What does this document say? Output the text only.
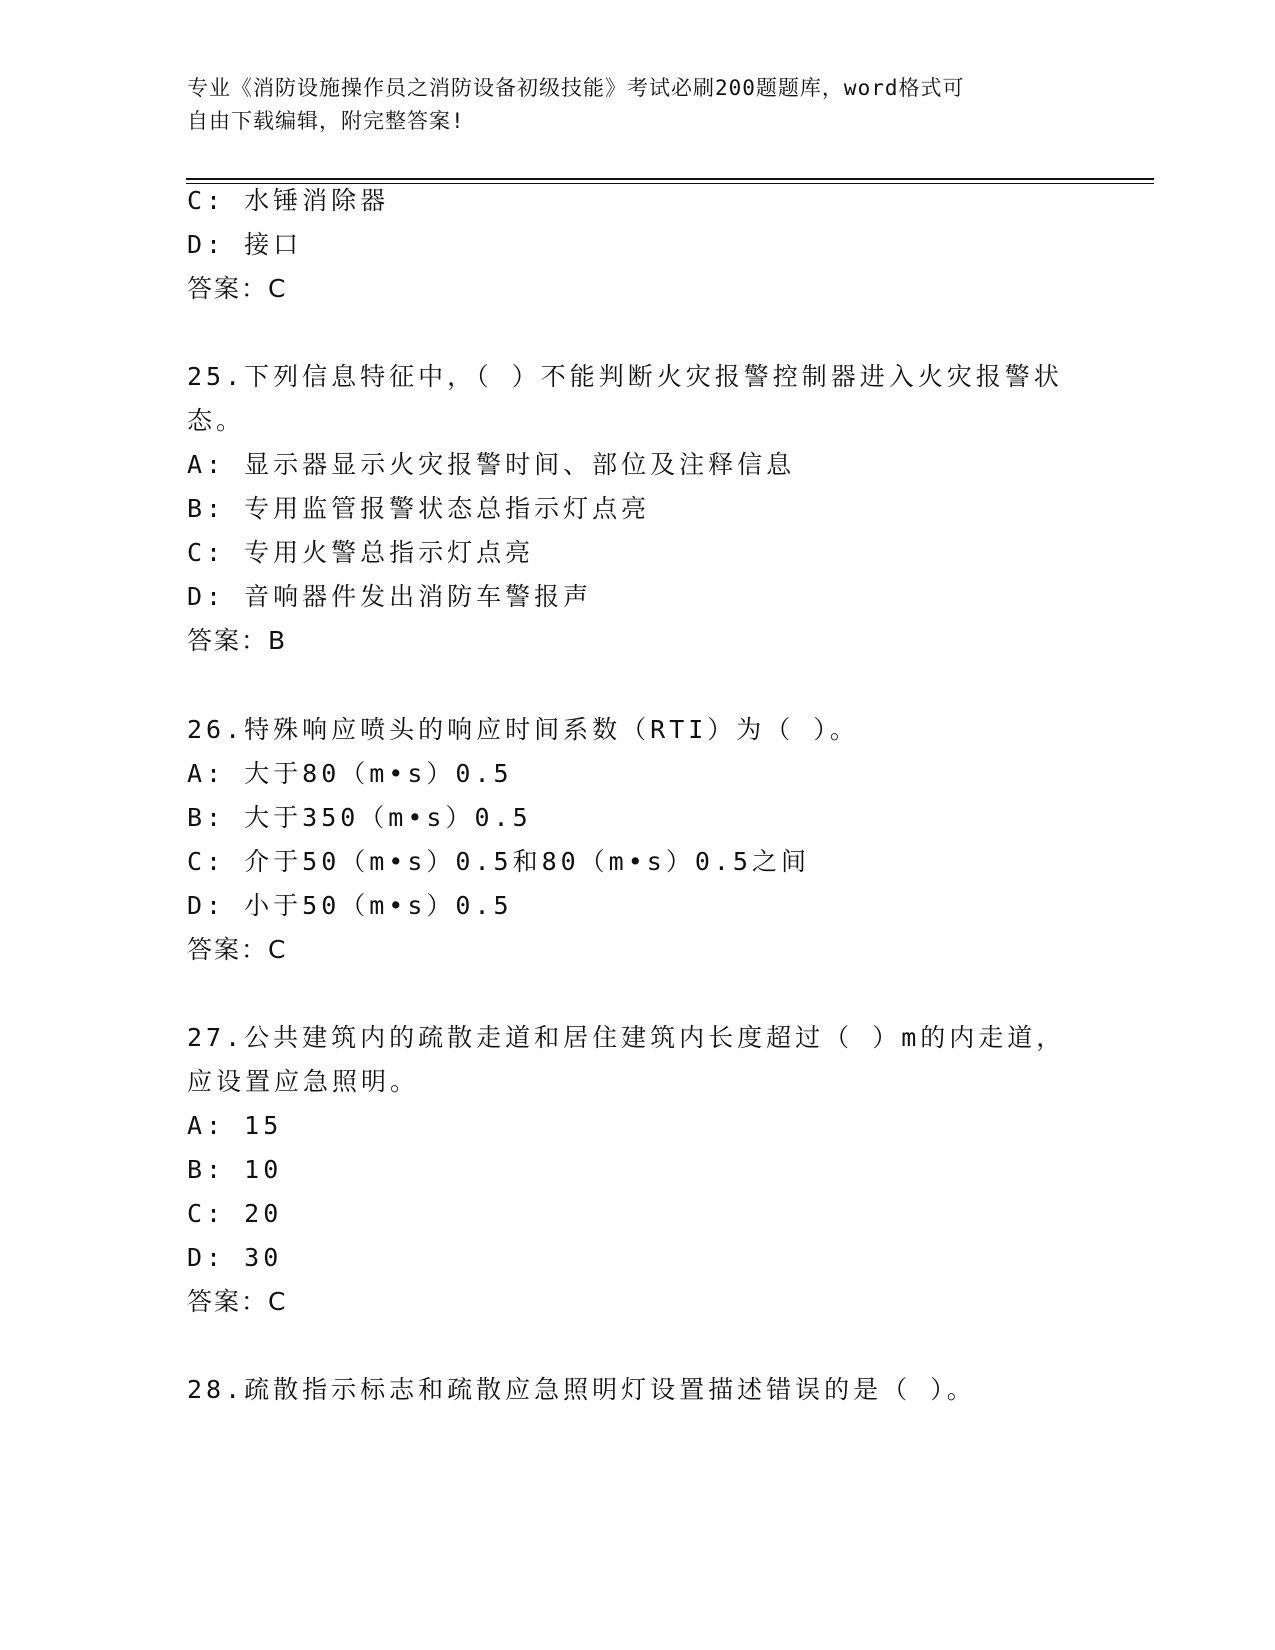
专业《消防设施操作员之消防设备初级技能》考试必刷200题题库，word格式可
自由下载编辑，附完整答案!
C: 水锤消除器
D: 接口
答案：C
25.下列信息特征中，（ ）不能判断火灾报警控制器进入火灾报警状
态。
A: 显示器显示火灾报警时间、部位及注释信息
B: 专用监管报警状态总指示灯点亮
C: 专用火警总指示灯点亮
D: 音响器件发出消防车警报声
答案：B
26.特殊响应喷头的响应时间系数（RTI）为（ ）。
A: 大于80（m•s）0.5
B: 大于350（m•s）0.5
C: 介于50（m•s）0.5和80（m•s）0.5之间
D: 小于50（m•s）0.5
答案：C
27.公共建筑内的疏散走道和居住建筑内长度超过（ ）m的内走道，
应设置应急照明。
A: 15
B: 10
C: 20
D: 30
答案：C
28.疏散指示标志和疏散应急照明灯设置描述错误的是（ ）。
